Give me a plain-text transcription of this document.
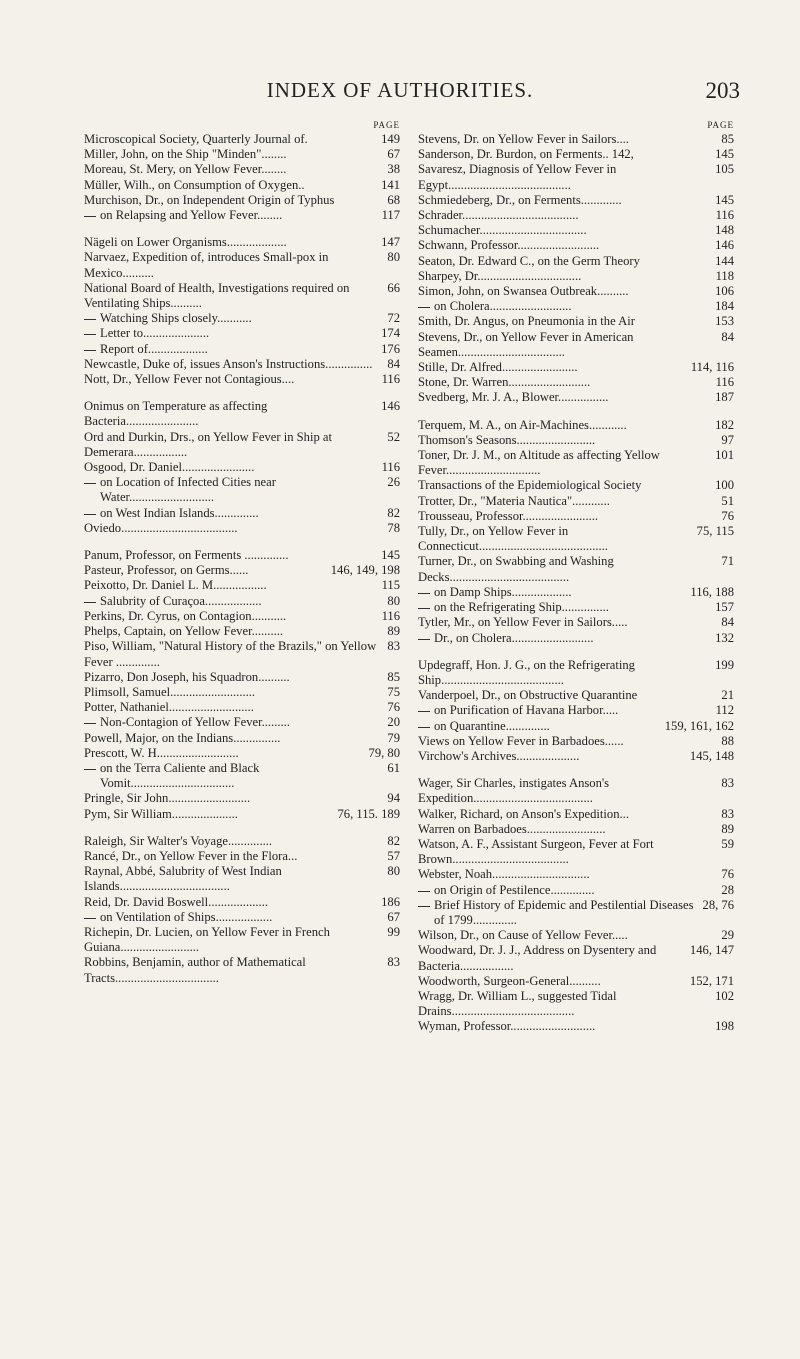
INDEX OF AUTHORITIES.	203
PAGE
149
Microscopical Society, Quarterly Journal of.
67
Miller, John, on the Ship "Minden"........
38
Moreau, St. Mery, on Yellow Fever........
141
Müller, Wilh., on Consumption of Oxygen..
68
Murchison, Dr., on Independent Origin of Typhus
117
on Relapsing and Yellow Fever........
147
Nägeli on Lower Organisms...................
80
Narvaez, Expedition of, introduces Small-pox in Mexico..........
66
National Board of Health, Investigations required on Ventilating Ships..........
72
Watching Ships closely...........
174
Letter to.....................
176
Report of...................
84
Newcastle, Duke of, issues Anson's Instructions...............
116
Nott, Dr., Yellow Fever not Contagious....
146
Onimus on Temperature as affecting Bacteria.......................
52
Ord and Durkin, Drs., on Yellow Fever in Ship at Demerara.................
116
Osgood, Dr. Daniel.......................
26
on Location of Infected Cities near Water...........................
82
on West Indian Islands..............
78
Oviedo.....................................
145
Panum, Professor, on Ferments ..............
146, 149, 198
Pasteur, Professor, on Germs......
115
Peixotto, Dr. Daniel L. M.................
80
Salubrity of Curaçoa..................
116
Perkins, Dr. Cyrus, on Contagion...........
89
Phelps, Captain, on Yellow Fever..........
83
Piso, William, "Natural History of the Brazils," on Yellow Fever ..............
85
Pizarro, Don Joseph, his Squadron..........
75
Plimsoll, Samuel...........................
76
Potter, Nathaniel...........................
20
Non-Contagion of Yellow Fever.........
79
Powell, Major, on the Indians...............
79, 80
Prescott, W. H..........................
61
on the Terra Caliente and Black Vomit.................................
94
Pringle, Sir John..........................
76, 115. 189
Pym, Sir William.....................
82
Raleigh, Sir Walter's Voyage..............
57
Rancé, Dr., on Yellow Fever in the Flora...
80
Raynal, Abbé, Salubrity of West Indian Islands...................................
186
Reid, Dr. David Boswell...................
67
on Ventilation of Ships..................
99
Richepin, Dr. Lucien, on Yellow Fever in French Guiana.........................
83
Robbins, Benjamin, author of Mathematical Tracts.................................
PAGE
85
Stevens, Dr. on Yellow Fever in Sailors....
145
Sanderson, Dr. Burdon, on Ferments.. 142,
105
Savaresz, Diagnosis of Yellow Fever in Egypt.......................................
145
Schmiedeberg, Dr., on Ferments.............
116
Schrader.....................................
148
Schumacher..................................
146
Schwann, Professor..........................
144
Seaton, Dr. Edward C., on the Germ Theory
118
Sharpey, Dr.................................
106
Simon, John, on Swansea Outbreak..........
184
on Cholera..........................
153
Smith, Dr. Angus, on Pneumonia in the Air
84
Stevens, Dr., on Yellow Fever in American Seamen..................................
114, 116
Stille, Dr. Alfred........................
116
Stone, Dr. Warren..........................
187
Svedberg, Mr. J. A., Blower................
182
Terquem, M. A., on Air-Machines............
97
Thomson's Seasons.........................
101
Toner, Dr. J. M., on Altitude as affecting Yellow Fever..............................
100
Transactions of the Epidemiological Society
51
Trotter, Dr., "Materia Nautica"............
76
Trousseau, Professor........................
75, 115
Tully, Dr., on Yellow Fever in Connecticut.........................................
71
Turner, Dr., on Swabbing and Washing Decks......................................
116, 188
on Damp Ships...................
157
on the Refrigerating Ship...............
84
Tytler, Mr., on Yellow Fever in Sailors.....
132
Dr., on Cholera..........................
199
Updegraff, Hon. J. G., on the Refrigerating Ship.......................................
21
Vanderpoel, Dr., on Obstructive Quarantine
112
on Purification of Havana Harbor.....
159, 161, 162
on Quarantine..............
88
Views on Yellow Fever in Barbadoes......
145, 148
Virchow's Archives....................
83
Wager, Sir Charles, instigates Anson's Expedition......................................
83
Walker, Richard, on Anson's Expedition...
89
Warren on Barbadoes.........................
59
Watson, A. F., Assistant Surgeon, Fever at Fort Brown.....................................
76
Webster, Noah...............................
28
on Origin of Pestilence..............
28, 76
Brief History of Epidemic and Pestilential Diseases of 1799..............
29
Wilson, Dr., on Cause of Yellow Fever.....
146, 147
Woodward, Dr. J. J., Address on Dysentery and Bacteria.................
152, 171
Woodworth, Surgeon-General..........
102
Wragg, Dr. William L., suggested Tidal Drains.......................................
198
Wyman, Professor...........................
